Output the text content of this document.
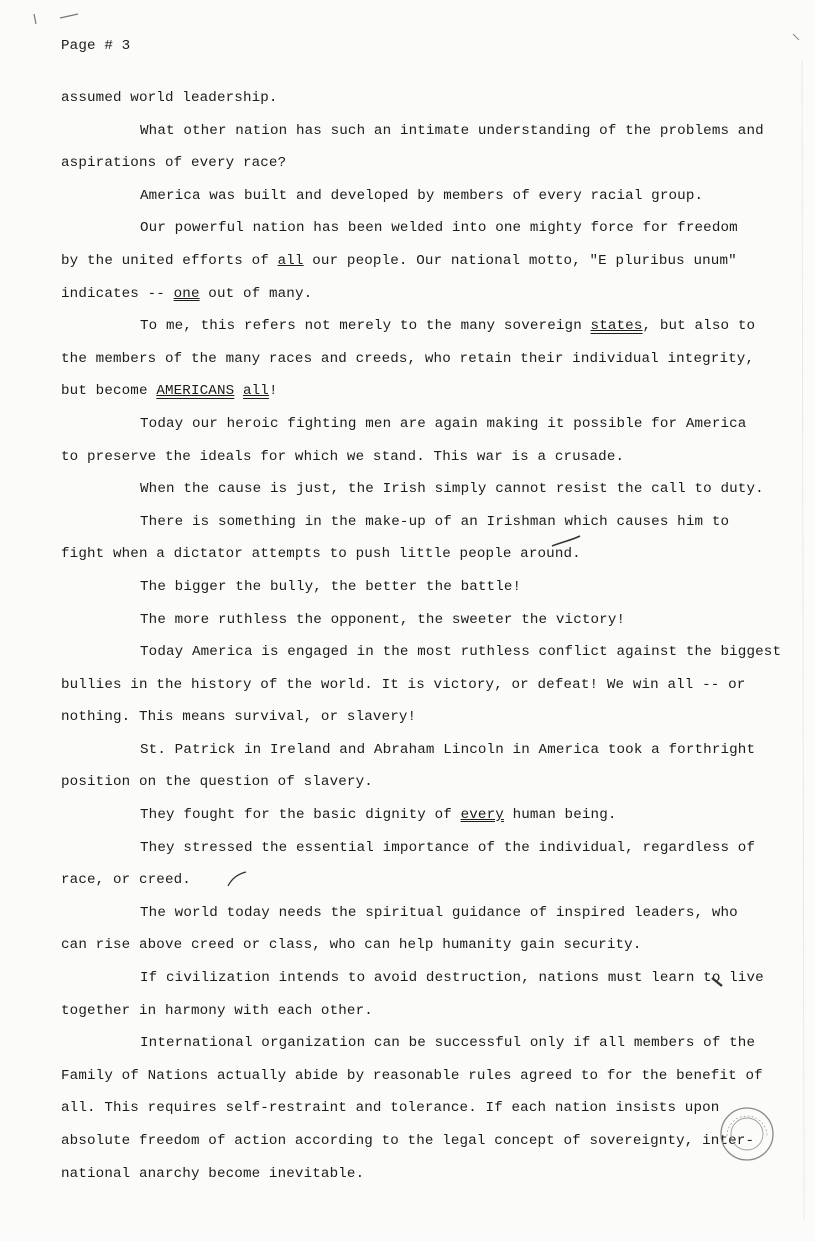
Page # 3
assumed world leadership.
What other nation has such an intimate understanding of the problems and
aspirations of every race?
America was built and developed by members of every racial group.
Our powerful nation has been welded into one mighty force for freedom
by the united efforts of all our people. Our national motto, "E pluribus unum"
indicates -- one out of many.
To me, this refers not merely to the many sovereign states, but also to
the members of the many races and creeds, who retain their individual integrity,
but become AMERICANS all!
Today our heroic fighting men are again making it possible for America
to preserve the ideals for which we stand. This war is a crusade.
When the cause is just, the Irish simply cannot resist the call to duty.
There is something in the make-up of an Irishman which causes him to
fight when a dictator attempts to push little people around.
The bigger the bully, the better the battle!
The more ruthless the opponent, the sweeter the victory!
Today America is engaged in the most ruthless conflict against the biggest
bullies in the history of the world. It is victory, or defeat! We win all -- or
nothing. This means survival, or slavery!
St. Patrick in Ireland and Abraham Lincoln in America took a forthright
position on the question of slavery.
They fought for the basic dignity of every human being.
They stressed the essential importance of the individual, regardless of
race, or creed.
The world today needs the spiritual guidance of inspired leaders, who
can rise above creed or class, who can help humanity gain security.
If civilization intends to avoid destruction, nations must learn to live
together in harmony with each other.
International organization can be successful only if all members of the
Family of Nations actually abide by reasonable rules agreed to for the benefit of
all. This requires self-restraint and tolerance. If each nation insists upon
absolute freedom of action according to the legal concept of sovereignty, inter-
national anarchy become inevitable.
